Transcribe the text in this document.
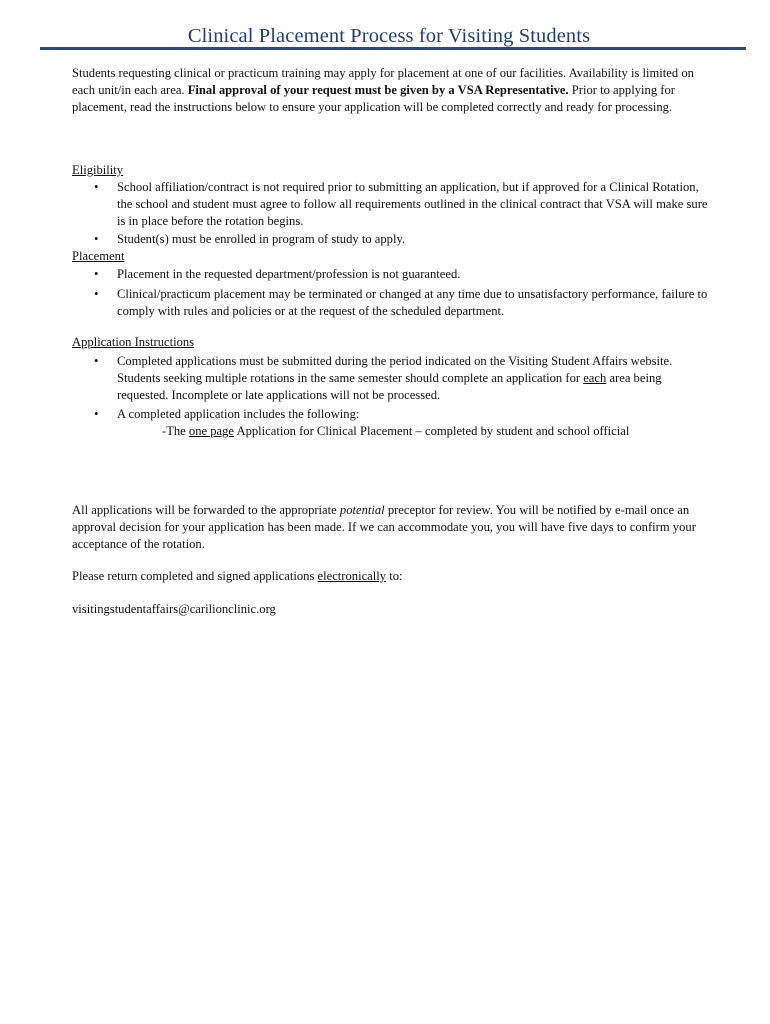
Clinical Placement Process for Visiting Students

Students requesting clinical or practicum training may apply for placement at one of our facilities. Availability is limited on each unit/in each area. Final approval of your request must be given by a VSA Representative. Prior to applying for placement, read the instructions below to ensure your application will be completed correctly and ready for processing.

Eligibility

• School affiliation/contract is not required prior to submitting an application, but if approved for a Clinical Rotation, the school and student must agree to follow all requirements outlined in the clinical contract that VSA will make sure is in place before the rotation begins.
• Student(s) must be enrolled in program of study to apply.

Placement

• Placement in the requested department/profession is not guaranteed.
• Clinical/practicum placement may be terminated or changed at any time due to unsatisfactory performance, failure to comply with rules and policies or at the request of the scheduled department.

Application Instructions

• Completed applications must be submitted during the period indicated on the Visiting Student Affairs website. Students seeking multiple rotations in the same semester should complete an application for each area being requested. Incomplete or late applications will not be processed.
• A completed application includes the following:

-The one page Application for Clinical Placement – completed by student and school official

All applications will be forwarded to the appropriate potential preceptor for review. You will be notified by e-mail once an approval decision for your application has been made. If we can accommodate you, you will have five days to confirm your acceptance of the rotation.

Please return completed and signed applications electronically to:

visitingstudentaffairs@carilionclinic.org
